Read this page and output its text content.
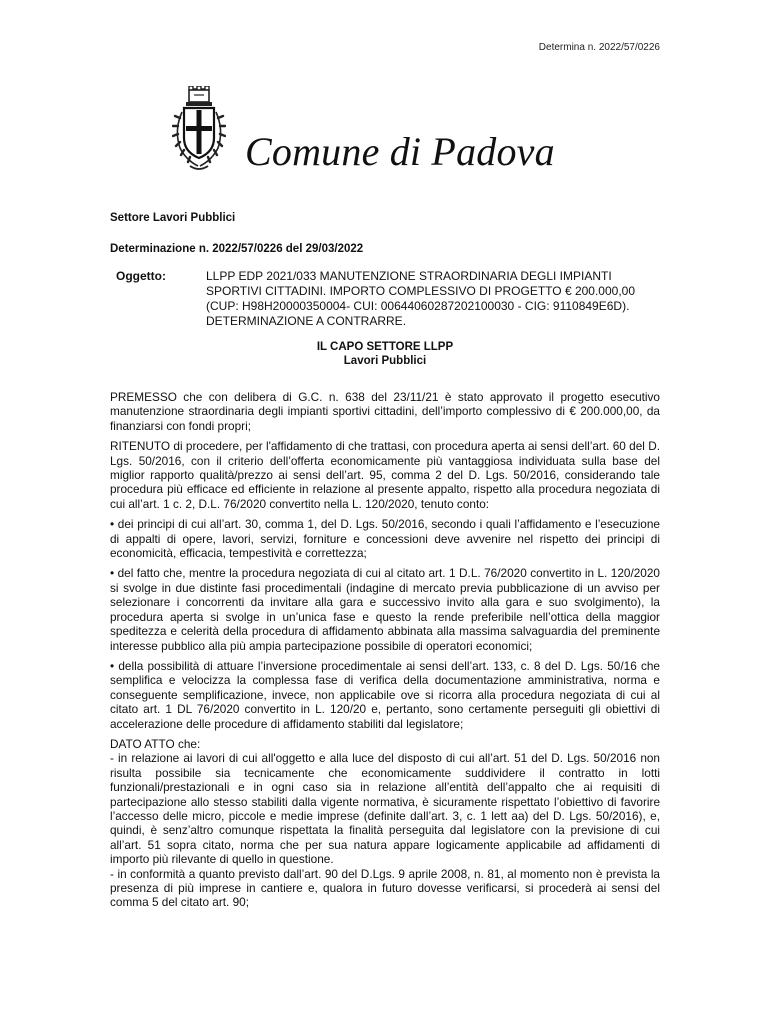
Determina n. 2022/57/0226
Comune di Padova
Settore Lavori Pubblici
Determinazione n. 2022/57/0226 del 29/03/2022
Oggetto:	LLPP EDP 2021/033 MANUTENZIONE STRAORDINARIA DEGLI IMPIANTI SPORTIVI CITTADINI. IMPORTO COMPLESSIVO DI PROGETTO € 200.000,00 (CUP: H98H20000350004- CUI: 00644060287202100030 - CIG: 9110849E6D). DETERMINAZIONE A CONTRARRE.
IL CAPO SETTORE LLPP
Lavori Pubblici

PREMESSO che con delibera di G.C. n. 638 del 23/11/21 è stato approvato il progetto esecutivo manutenzione straordinaria degli impianti sportivi cittadini, dell’importo complessivo di € 200.000,00, da finanziarsi con fondi propri;

RITENUTO di procedere, per l'affidamento di che trattasi, con procedura aperta ai sensi dell’art. 60 del D. Lgs. 50/2016, con il criterio dell’offerta economicamente più vantaggiosa individuata sulla base del miglior rapporto qualità/prezzo ai sensi dell’art. 95, comma 2 del D. Lgs. 50/2016, considerando tale procedura più efficace ed efficiente in relazione al presente appalto, rispetto alla procedura negoziata di cui all’art. 1 c. 2, D.L. 76/2020 convertito nella L. 120/2020, tenuto conto:

• dei principi di cui all’art. 30, comma 1, del D. Lgs. 50/2016, secondo i quali l’affidamento e l’esecuzione di appalti di opere, lavori, servizi, forniture e concessioni deve avvenire nel rispetto dei principi di economicità, efficacia, tempestività e correttezza;

• del fatto che, mentre la procedura negoziata di cui al citato art. 1 D.L. 76/2020 convertito in L. 120/2020 si svolge in due distinte fasi procedimentali (indagine di mercato previa pubblicazione di un avviso per selezionare i concorrenti da invitare alla gara e successivo invito alla gara e suo svolgimento), la procedura aperta si svolge in un’unica fase e questo la rende preferibile nell’ottica della maggior speditezza e celerità della procedura di affidamento abbinata alla massima salvaguardia del preminente interesse pubblico alla più ampia partecipazione possibile di operatori economici;

• della possibilità di attuare l’inversione procedimentale ai sensi dell’art. 133, c. 8 del D. Lgs. 50/16 che semplifica e velocizza la complessa fase di verifica della documentazione amministrativa, norma e conseguente semplificazione, invece, non applicabile ove si ricorra alla procedura negoziata di cui al citato art. 1 DL 76/2020 convertito in L. 120/20 e, pertanto, sono certamente perseguiti gli obiettivi di accelerazione delle procedure di affidamento stabiliti dal legislatore;

DATO ATTO che:

- in relazione ai lavori di cui all'oggetto e alla luce del disposto di cui all’art. 51 del D. Lgs. 50/2016 non risulta possibile sia tecnicamente che economicamente suddividere il contratto in lotti funzionali/prestazionali e in ogni caso sia in relazione all’entità dell’appalto che ai requisiti di partecipazione allo stesso stabiliti dalla vigente normativa, è sicuramente rispettato l’obiettivo di favorire l’accesso delle micro, piccole e medie imprese (definite dall’art. 3, c. 1 lett aa) del D. Lgs. 50/2016), e, quindi, è senz’altro comunque rispettata la finalità perseguita dal legislatore con la previsione di cui all’art. 51 sopra citato, norma che per sua natura appare logicamente applicabile ad affidamenti di importo più rilevante di quello in questione.

- in conformità a quanto previsto dall’art. 90 del D.Lgs. 9 aprile 2008, n. 81, al momento non è prevista la presenza di più imprese in cantiere e, qualora in futuro dovesse verificarsi, si procederà ai sensi del comma 5 del citato art. 90;
